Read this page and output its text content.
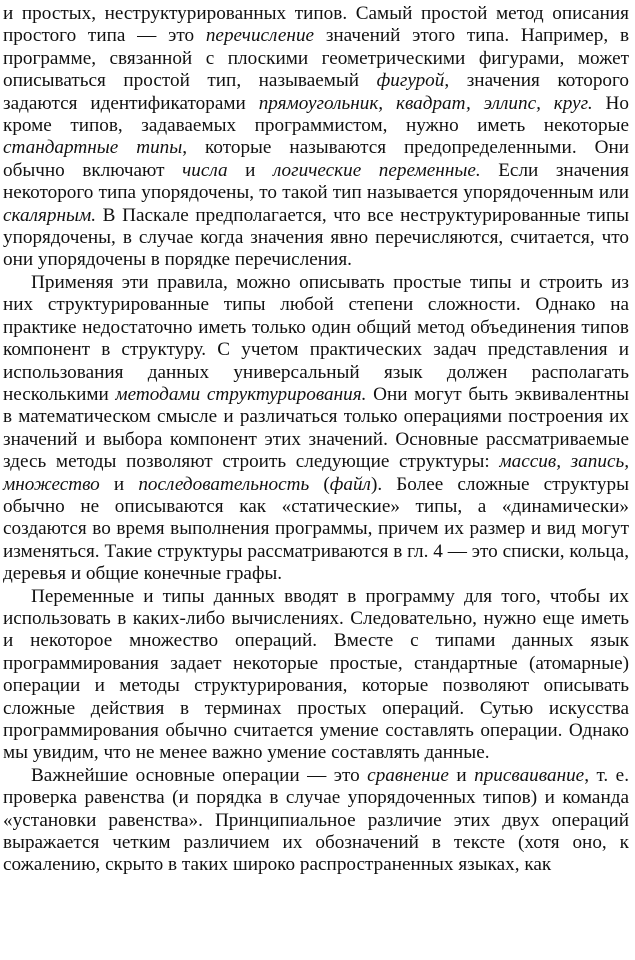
и простых, неструктурированных типов. Самый простой метод описания простого типа — это перечисление значений этого типа. Например, в программе, связанной с плоскими геометрическими фигурами, может описываться простой тип, называемый фигурой, значения которого задаются идентификаторами прямоугольник, квадрат, эллипс, круг. Но кроме типов, задаваемых программистом, нужно иметь некоторые стандартные типы, которые называются предопределенными. Они обычно включают числа и логические переменные. Если значения некоторого типа упорядочены, то такой тип называется упорядоченным или скалярным. В Паскале предполагается, что все неструктурированные типы упорядочены, в случае когда значения явно перечисляются, считается, что они упорядочены в порядке перечисления.

Применяя эти правила, можно описывать простые типы и строить из них структурированные типы любой степени сложности. Однако на практике недостаточно иметь только один общий метод объединения типов компонент в структуру. С учетом практических задач представления и использования данных универсальный язык должен располагать несколькими методами структурирования. Они могут быть эквивалентны в математическом смысле и различаться только операциями построения их значений и выбора компонент этих значений. Основные рассматриваемые здесь методы позволяют строить следующие структуры: массив, запись, множество и последовательность (файл). Более сложные структуры обычно не описываются как «статические» типы, а «динамически» создаются во время выполнения программы, причем их размер и вид могут изменяться. Такие структуры рассматриваются в гл. 4 — это списки, кольца, деревья и общие конечные графы.

Переменные и типы данных вводят в программу для того, чтобы их использовать в каких-либо вычислениях. Следовательно, нужно еще иметь и некоторое множество операций. Вместе с типами данных язык программирования задает некоторые простые, стандартные (атомарные) операции и методы структурирования, которые позволяют описывать сложные действия в терминах простых операций. Сутью искусства программирования обычно считается умение составлять операции. Однако мы увидим, что не менее важно умение составлять данные.

Важнейшие основные операции — это сравнение и присваивание, т. е. проверка равенства (и порядка в случае упорядоченных типов) и команда «установки равенства». Принципиальное различие этих двух операций выражается четким различием их обозначений в тексте (хотя оно, к сожалению, скрыто в таких широко распространенных языках, как
